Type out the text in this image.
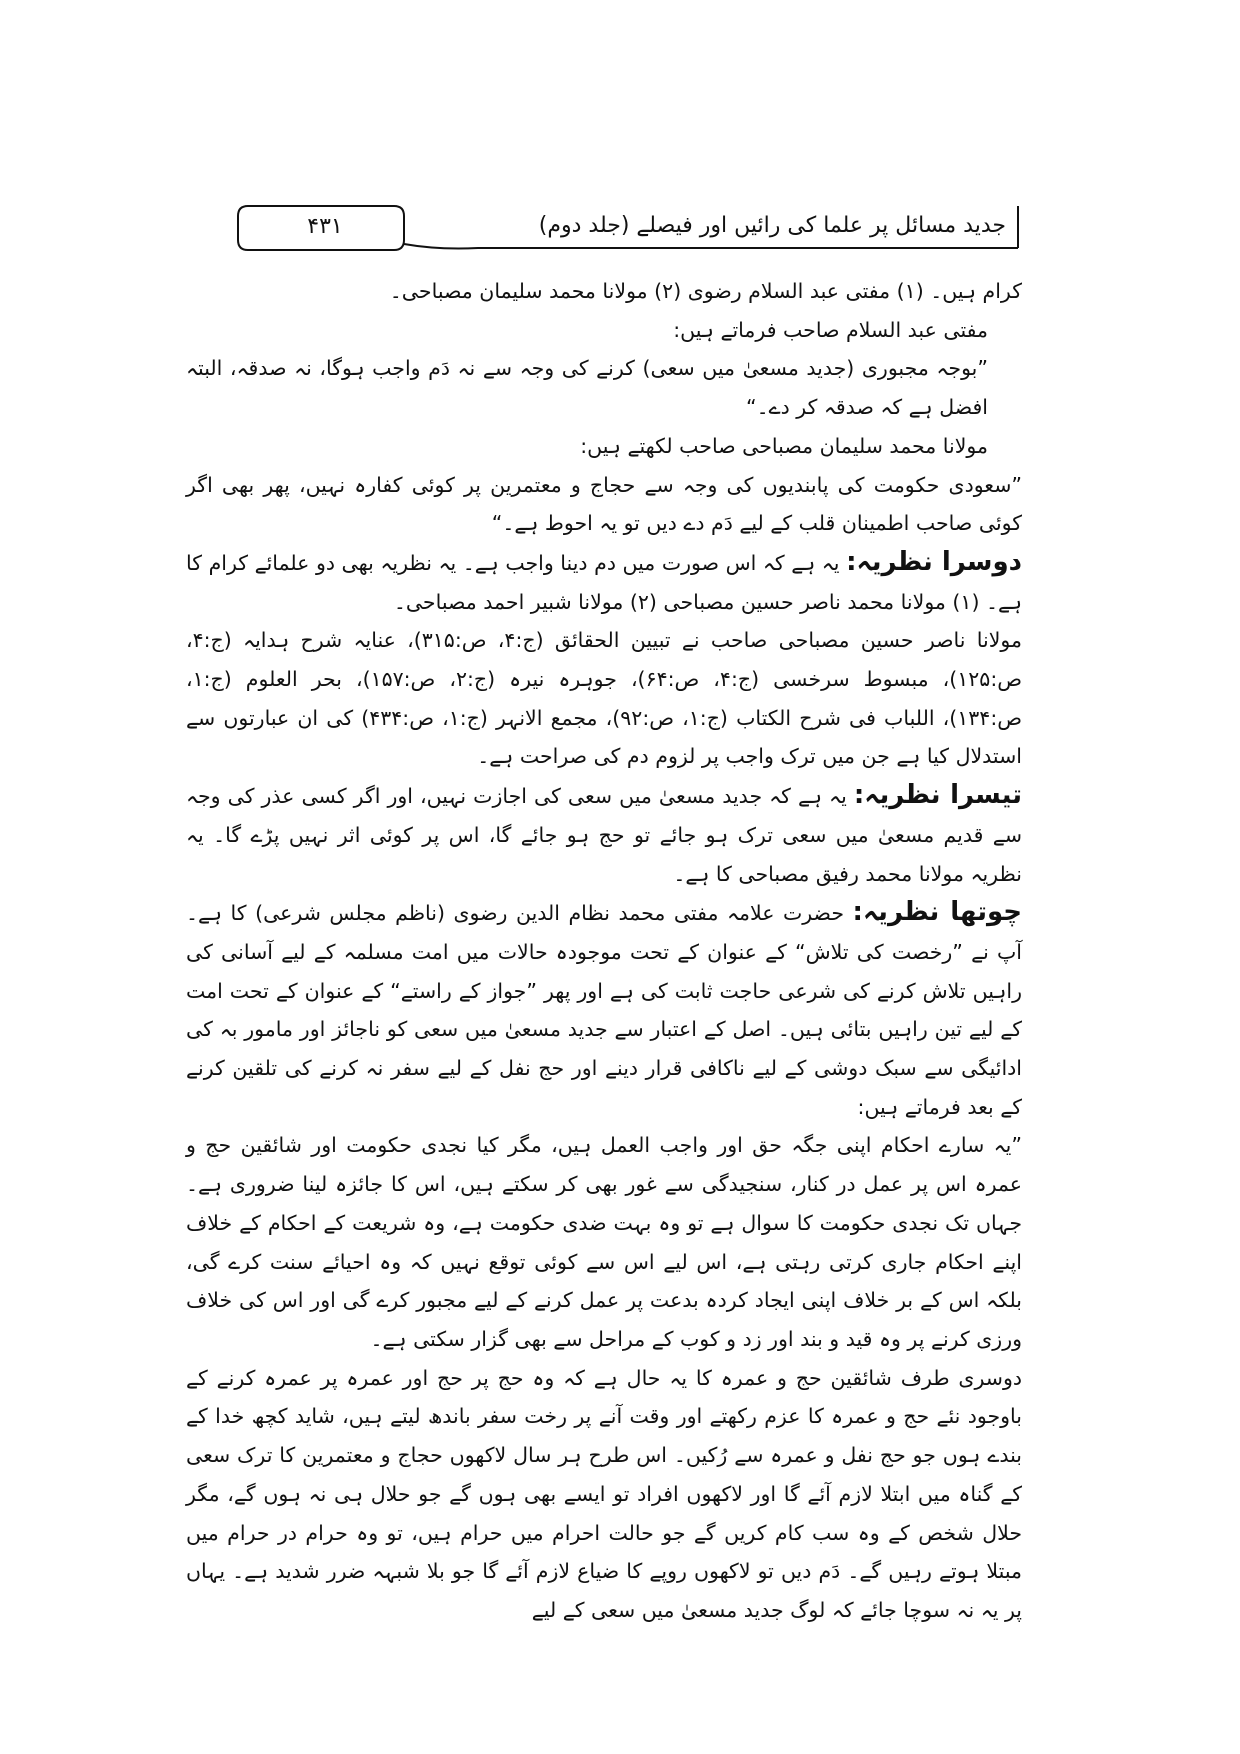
۴۳۱	جدید مسائل پر علما کی رائیں اور فیصلے (جلد دوم)

کرام ہیں۔ (۱) مفتی عبد السلام رضوی (۲) مولانا محمد سلیمان مصباحی۔

مفتی عبد السلام صاحب فرماتے ہیں:

”بوجہ مجبوری (جدید مسعیٰ میں سعی) کرنے کی وجہ سے نہ دَم واجب ہوگا، نہ صدقہ، البتہ افضل ہے کہ صدقہ کر دے۔“

مولانا محمد سلیمان مصباحی صاحب لکھتے ہیں:

”سعودی حکومت کی پابندیوں کی وجہ سے حجاج و معتمرین پر کوئی کفارہ نہیں، پھر بھی اگر کوئی صاحب اطمینان قلب کے لیے دَم دے دیں تو یہ احوط ہے۔“

دوسرا نظریہ: یہ ہے کہ اس صورت میں دم دینا واجب ہے۔ یہ نظریہ بھی دو علمائے کرام کا ہے۔ (۱) مولانا محمد ناصر حسین مصباحی (۲) مولانا شبیر احمد مصباحی۔

مولانا ناصر حسین مصباحی صاحب نے تبیین الحقائق (ج:۴، ص:۳۱۵)، عنایہ شرح ہدایہ (ج:۴، ص:۱۲۵)، مبسوط سرخسی (ج:۴، ص:۶۴)، جوہرہ نیرہ (ج:۲، ص:۱۵۷)، بحر العلوم (ج:۱، ص:۱۳۴)، اللباب فی شرح الکتاب (ج:۱، ص:۹۲)، مجمع الانہر (ج:۱، ص:۴۳۴) کی ان عبارتوں سے استدلال کیا ہے جن میں ترک واجب پر لزوم دم کی صراحت ہے۔

تیسرا نظریہ: یہ ہے کہ جدید مسعیٰ میں سعی کی اجازت نہیں، اور اگر کسی عذر کی وجہ سے قدیم مسعیٰ میں سعی ترک ہو جائے تو حج ہو جائے گا، اس پر کوئی اثر نہیں پڑے گا۔ یہ نظریہ مولانا محمد رفیق مصباحی کا ہے۔

چوتھا نظریہ: حضرت علامہ مفتی محمد نظام الدین رضوی (ناظم مجلس شرعی) کا ہے۔ آپ نے ”رخصت کی تلاش“ کے عنوان کے تحت موجودہ حالات میں امت مسلمہ کے لیے آسانی کی راہیں تلاش کرنے کی شرعی حاجت ثابت کی ہے اور پھر ”جواز کے راستے“ کے عنوان کے تحت امت کے لیے تین راہیں بتائی ہیں۔ اصل کے اعتبار سے جدید مسعیٰ میں سعی کو ناجائز اور مامور بہ کی ادائیگی سے سبک دوشی کے لیے ناکافی قرار دینے اور حج نفل کے لیے سفر نہ کرنے کی تلقین کرنے کے بعد فرماتے ہیں:

”یہ سارے احکام اپنی جگہ حق اور واجب العمل ہیں، مگر کیا نجدی حکومت اور شائقین حج و عمرہ اس پر عمل در کنار، سنجیدگی سے غور بھی کر سکتے ہیں، اس کا جائزہ لینا ضروری ہے۔ جہاں تک نجدی حکومت کا سوال ہے تو وہ بہت ضدی حکومت ہے، وہ شریعت کے احکام کے خلاف اپنے احکام جاری کرتی رہتی ہے، اس لیے اس سے کوئی توقع نہیں کہ وہ احیائے سنت کرے گی، بلکہ اس کے بر خلاف اپنی ایجاد کردہ بدعت پر عمل کرنے کے لیے مجبور کرے گی اور اس کی خلاف ورزی کرنے پر وہ قید و بند اور زد و کوب کے مراحل سے بھی گزار سکتی ہے۔

دوسری طرف شائقین حج و عمرہ کا یہ حال ہے کہ وہ حج پر حج اور عمرہ پر عمرہ کرنے کے باوجود نئے حج و عمرہ کا عزم رکھتے اور وقت آنے پر رخت سفر باندھ لیتے ہیں، شاید کچھ خدا کے بندے ہوں جو حج نفل و عمرہ سے رُکیں۔ اس طرح ہر سال لاکھوں حجاج و معتمرین کا ترک سعی کے گناہ میں ابتلا لازم آئے گا اور لاکھوں افراد تو ایسے بھی ہوں گے جو حلال ہی نہ ہوں گے، مگر حلال شخص کے وہ سب کام کریں گے جو حالت احرام میں حرام ہیں، تو وہ حرام در حرام میں مبتلا ہوتے رہیں گے۔ دَم دیں تو لاکھوں روپے کا ضیاع لازم آئے گا جو بلا شبہہ ضرر شدید ہے۔ یہاں پر یہ نہ سوچا جائے کہ لوگ جدید مسعیٰ میں سعی کے لیے
